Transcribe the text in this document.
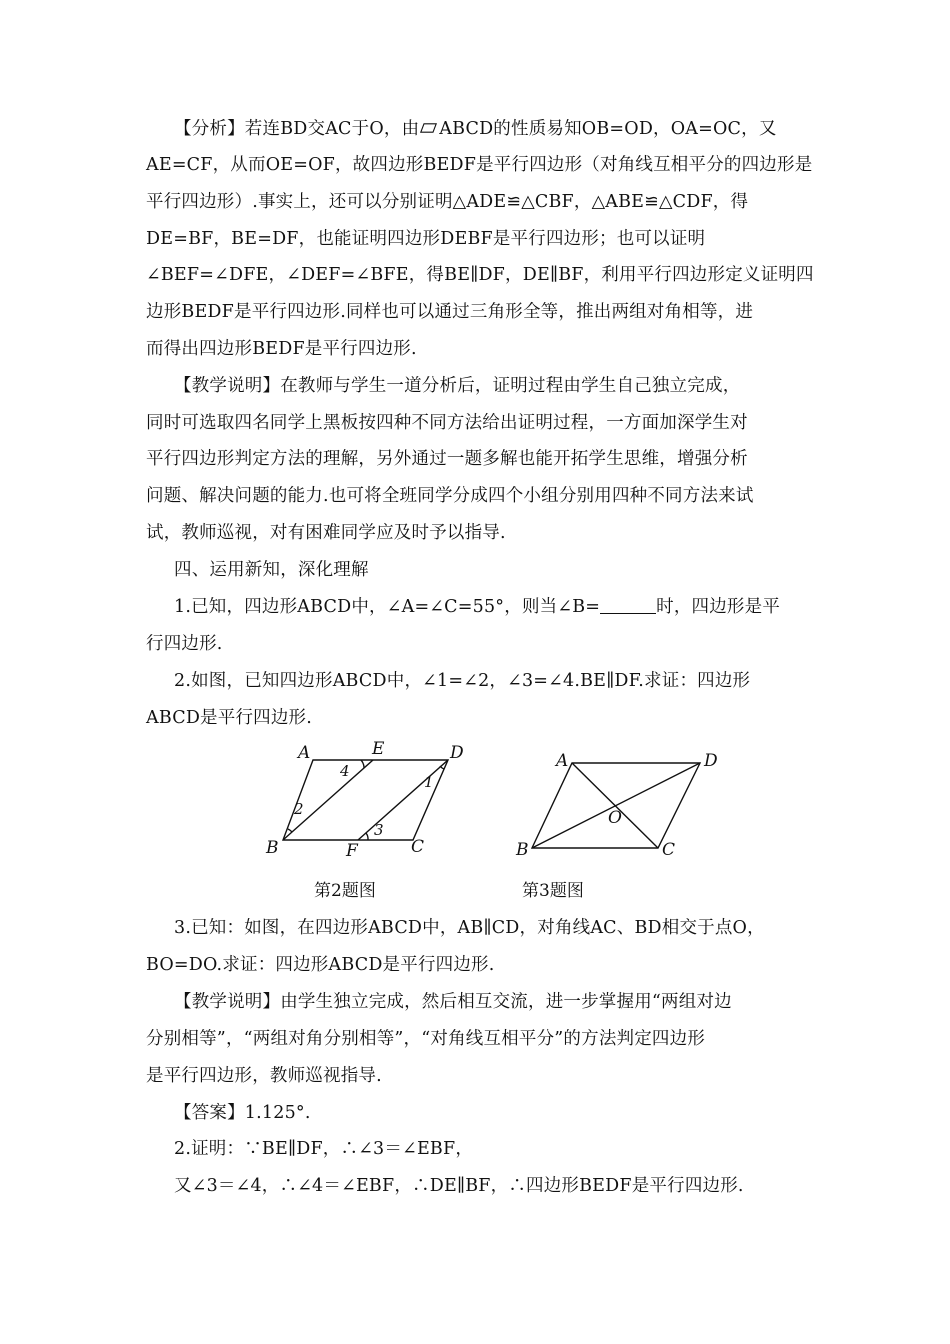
【分析】若连BD交AC于O，由 ABCD的性质易知OB=OD，OA=OC，又
AE=CF，从而OE=OF，故四边形BEDF是平行四边形（对角线互相平分的四边形是
平行四边形）.事实上，还可以分别证明△ADE≌△CBF，△ABE≌△CDF，得
DE=BF，BE=DF，也能证明四边形DEBF是平行四边形；也可以证明
∠BEF=∠DFE，∠DEF=∠BFE，得BE∥DF，DE∥BF，利用平行四边形定义证明四
边形BEDF是平行四边形.同样也可以通过三角形全等，推出两组对角相等，进
而得出四边形BEDF是平行四边形.
【教学说明】在教师与学生一道分析后，证明过程由学生自己独立完成，
同时可选取四名同学上黑板按四种不同方法给出证明过程，一方面加深学生对
平行四边形判定方法的理解，另外通过一题多解也能开拓学生思维，增强分析
问题、解决问题的能力.也可将全班同学分成四个小组分别用四种不同方法来试
试，教师巡视，对有困难同学应及时予以指导.
四、运用新知，深化理解
1.已知，四边形ABCD中，∠A=∠C=55°，则当∠B=	时，四边形是平
行四边形.
2.如图，已知四边形ABCD中，∠1=∠2，∠3=∠4.BE∥DF.求证：四边形
ABCD是平行四边形.
A	E	D
B	F	C
4
2
1
3
A	D
O
B	C
第2题图	第3题图
3.已知：如图，在四边形ABCD中，AB∥CD，对角线AC、BD相交于点O，
BO=DO.求证：四边形ABCD是平行四边形.
【教学说明】由学生独立完成，然后相互交流，进一步掌握用“两组对边
分别相等”，“两组对角分别相等”，“对角线互相平分”的方法判定四边形
是平行四边形，教师巡视指导.
【答案】1.125°.
2.证明：∵BE∥DF，∴∠3＝∠EBF，
又∠3＝∠4，∴∠4＝∠EBF，∴DE∥BF，∴四边形BEDF是平行四边形.
